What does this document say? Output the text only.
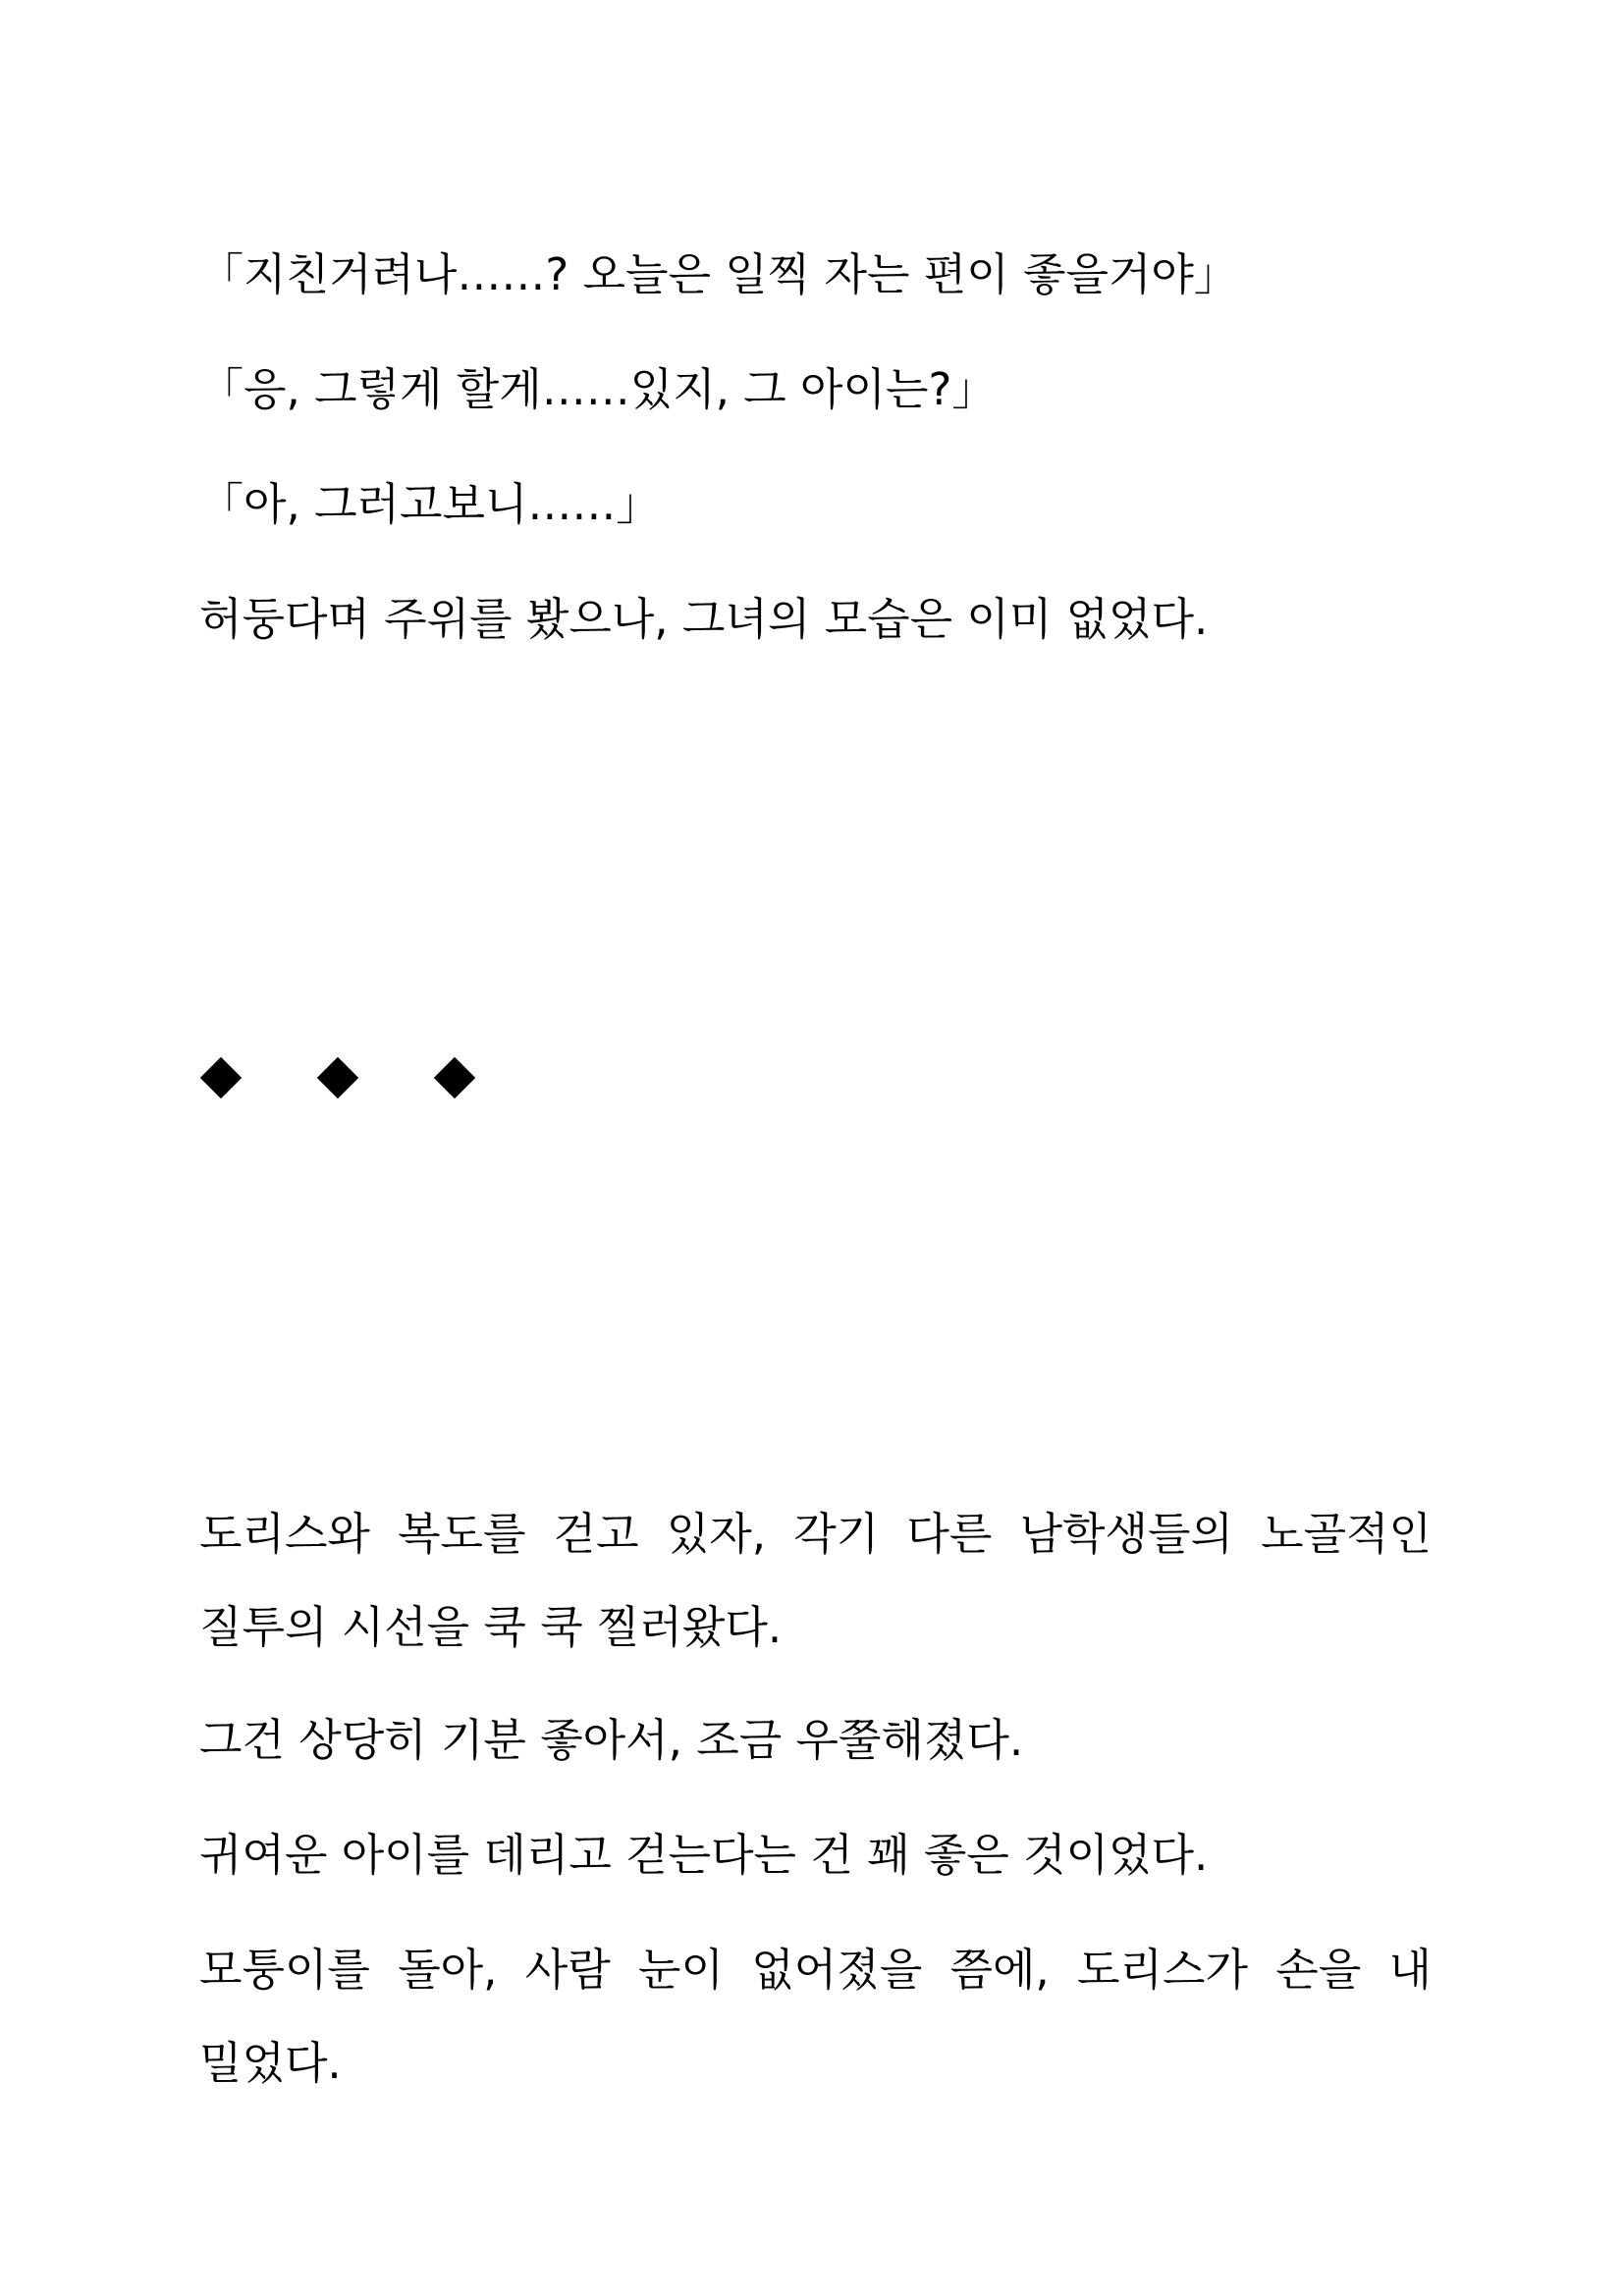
「지친거려나……? 오늘은 일찍 자는 편이 좋을거야」

「응, 그렇게 할게……있지, 그 아이는?」

「아, 그러고보니……」

허둥다며 주위를 봤으나, 그녀의 모습은 이미 없었다.

도리스와 복도를 걷고 있자, 각기 다른 남학생들의 노골적인
질투의 시선을 쿡 쿡 찔러왔다.

그건 상당히 기분 좋아서, 조금 우쭐해졌다.

귀여운 아이를 데리고 걷는다는 건 꽤 좋은 것이었다.

모퉁이를 돌아, 사람 눈이 없어졌을 쯤에, 도리스가 손을 내
밀었다.
